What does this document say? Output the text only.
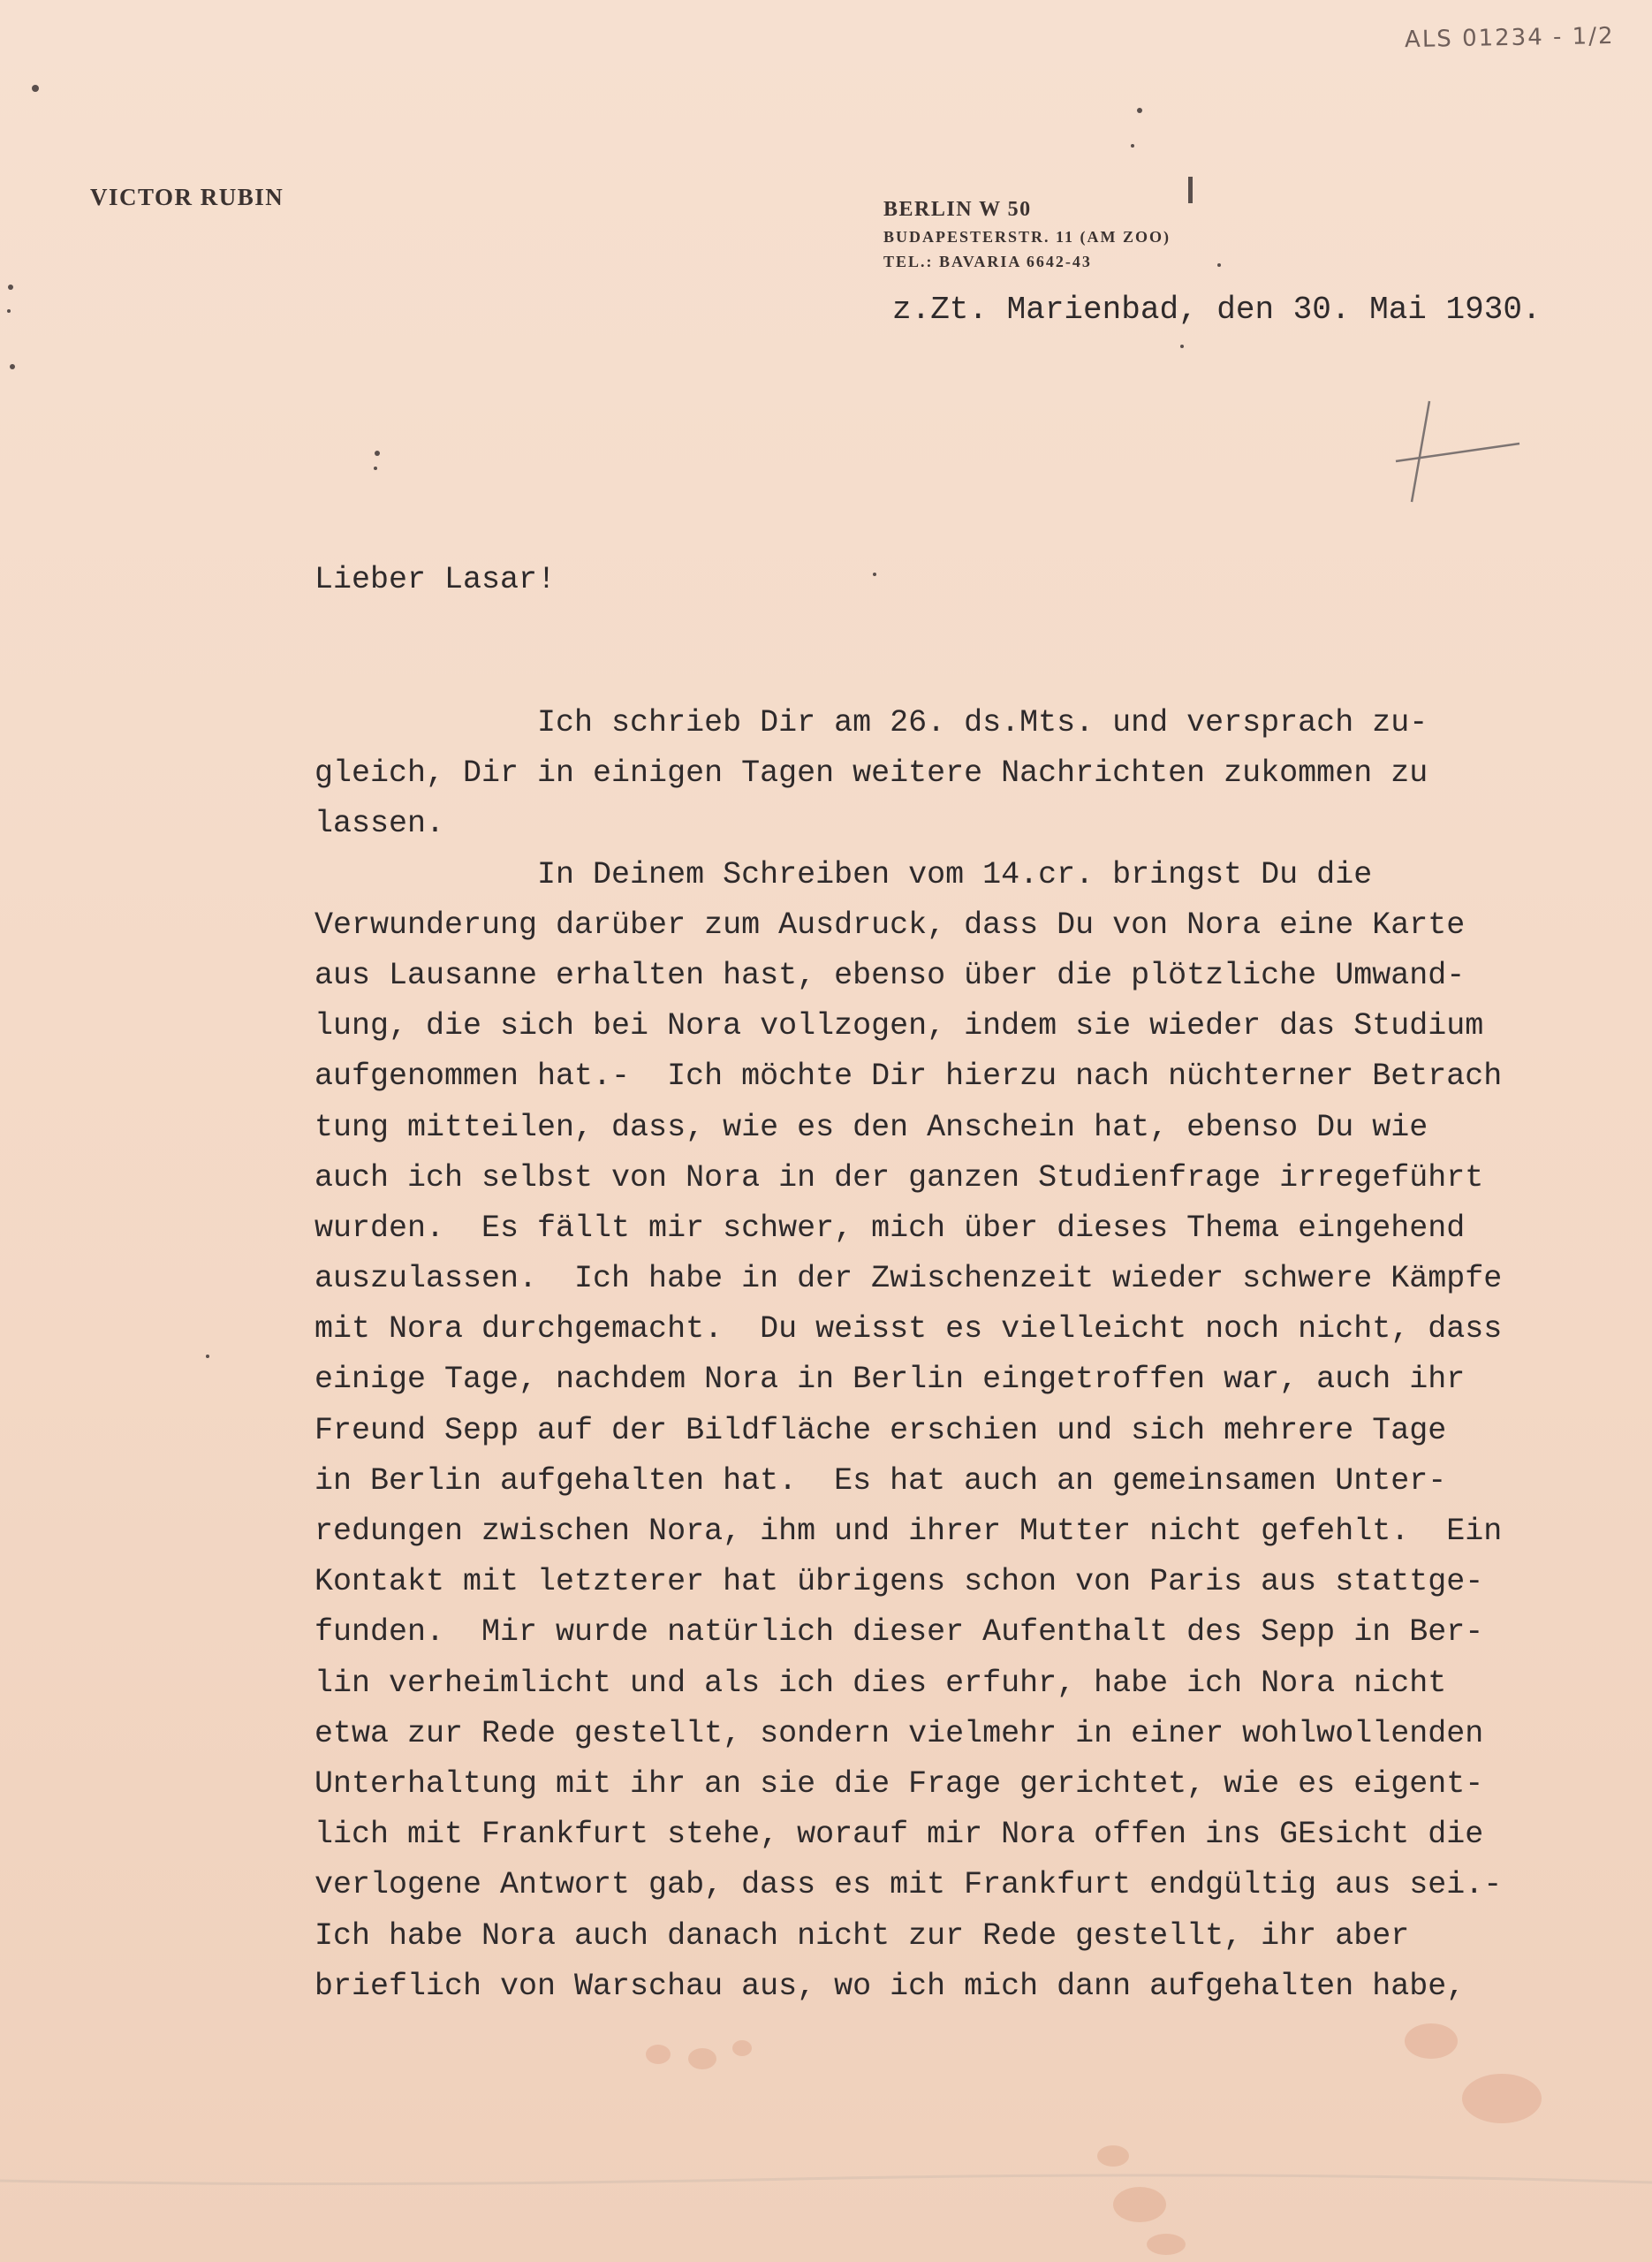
ALS 01234 - 1/2
VICTOR RUBIN	BERLIN W 50
BUDAPESTERSTR. 11 (AM ZOO)
TEL.: BAVARIA 6642-43
z.Zt. Marienbad, den 30. Mai 1930.
Lieber Lasar!
Ich schrieb Dir am 26. ds.Mts. und versprach zu-
gleich, Dir in einigen Tagen weitere Nachrichten zukommen zu
lassen.
In Deinem Schreiben vom 14.cr. bringst Du die
Verwunderung darüber zum Ausdruck, dass Du von Nora eine Karte
aus Lausanne erhalten hast, ebenso über die plötzliche Umwand-
lung, die sich bei Nora vollzogen, indem sie wieder das Studium
aufgenommen hat.-  Ich möchte Dir hierzu nach nüchterner Betrach
tung mitteilen, dass, wie es den Anschein hat, ebenso Du wie
auch ich selbst von Nora in der ganzen Studienfrage irregeführt
wurden.  Es fällt mir schwer, mich über dieses Thema eingehend
auszulassen.  Ich habe in der Zwischenzeit wieder schwere Kämpfe
mit Nora durchgemacht.  Du weisst es vielleicht noch nicht, dass
einige Tage, nachdem Nora in Berlin eingetroffen war, auch ihr
Freund Sepp auf der Bildfläche erschien und sich mehrere Tage
in Berlin aufgehalten hat.  Es hat auch an gemeinsamen Unter-
redungen zwischen Nora, ihm und ihrer Mutter nicht gefehlt.  Ein
Kontakt mit letzterer hat übrigens schon von Paris aus stattge-
funden.  Mir wurde natürlich dieser Aufenthalt des Sepp in Ber-
lin verheimlicht und als ich dies erfuhr, habe ich Nora nicht
etwa zur Rede gestellt, sondern vielmehr in einer wohlwollenden
Unterhaltung mit ihr an sie die Frage gerichtet, wie es eigent-
lich mit Frankfurt stehe, worauf mir Nora offen ins GEsicht die
verlogene Antwort gab, dass es mit Frankfurt endgültig aus sei.-
Ich habe Nora auch danach nicht zur Rede gestellt, ihr aber
brieflich von Warschau aus, wo ich mich dann aufgehalten habe,
